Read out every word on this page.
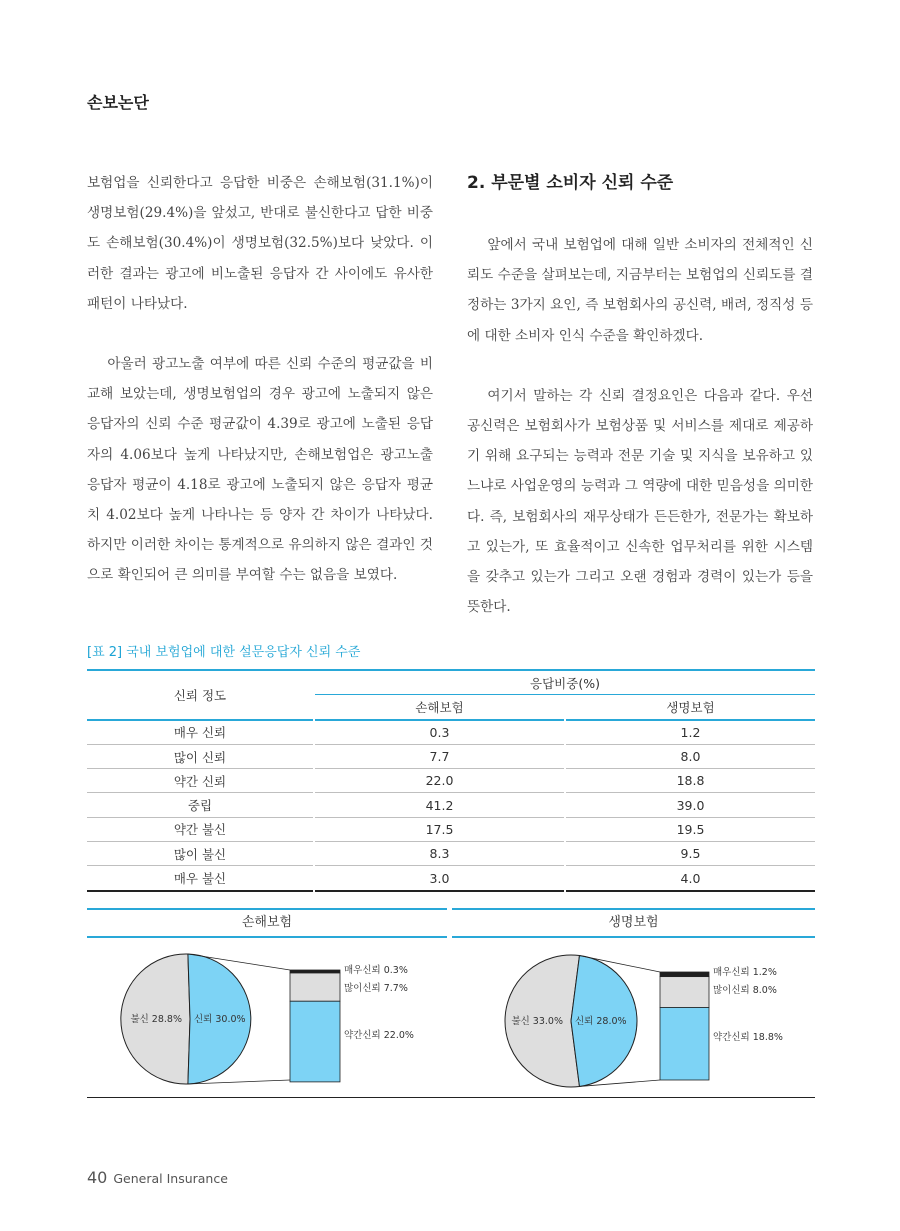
손보논단

보험업을 신뢰한다고 응답한 비중은 손해보험(31.1%)이 생명보험(29.4%)을 앞섰고, 반대로 불신한다고 답한 비중도 손해보험(30.4%)이 생명보험(32.5%)보다 낮았다. 이러한 결과는 광고에 비노출된 응답자 간 사이에도 유사한 패턴이 나타났다.

아울러 광고노출 여부에 따른 신뢰 수준의 평균값을 비교해 보았는데, 생명보험업의 경우 광고에 노출되지 않은 응답자의 신뢰 수준 평균값이 4.39로 광고에 노출된 응답자의 4.06보다 높게 나타났지만, 손해보험업은 광고노출 응답자 평균이 4.18로 광고에 노출되지 않은 응답자 평균치 4.02보다 높게 나타나는 등 양자 간 차이가 나타났다. 하지만 이러한 차이는 통계적으로 유의하지 않은 결과인 것으로 확인되어 큰 의미를 부여할 수는 없음을 보였다.

2. 부문별 소비자 신뢰 수준

앞에서 국내 보험업에 대해 일반 소비자의 전체적인 신뢰도 수준을 살펴보는데, 지금부터는 보험업의 신뢰도를 결정하는 3가지 요인, 즉 보험회사의 공신력, 배려, 정직성 등에 대한 소비자 인식 수준을 확인하겠다.

여기서 말하는 각 신뢰 결정요인은 다음과 같다. 우선 공신력은 보험회사가 보험상품 및 서비스를 제대로 제공하기 위해 요구되는 능력과 전문 기술 및 지식을 보유하고 있느냐로 사업운영의 능력과 그 역량에 대한 믿음성을 의미한다. 즉, 보험회사의 재무상태가 든든한가, 전문가는 확보하고 있는가, 또 효율적이고 신속한 업무처리를 위한 시스템을 갖추고 있는가 그리고 오랜 경험과 경력이 있는가 등을 뜻한다.

[표 2] 국내 보험업에 대한 설문응답자 신뢰 수준
신뢰 정도		응답비중(%)		
		손해보험		생명보험
매우 신뢰		0.3		1.2
많이 신뢰		7.7		8.0
약간 신뢰		22.0		18.8
중립		41.2		39.0
약간 불신		17.5		19.5
많이 불신		8.3		9.5
매우 불신		3.0		4.0
손해보험	생명보험
매우신뢰 0.3%
많이신뢰 7.7%
약간신뢰 22.0%
불신 28.8% 신뢰 30.0%
매우신뢰 1.2%
많이신뢰 8.0%
약간신뢰 18.8%
불신 33.0% 신뢰 28.0%
40 General Insurance
